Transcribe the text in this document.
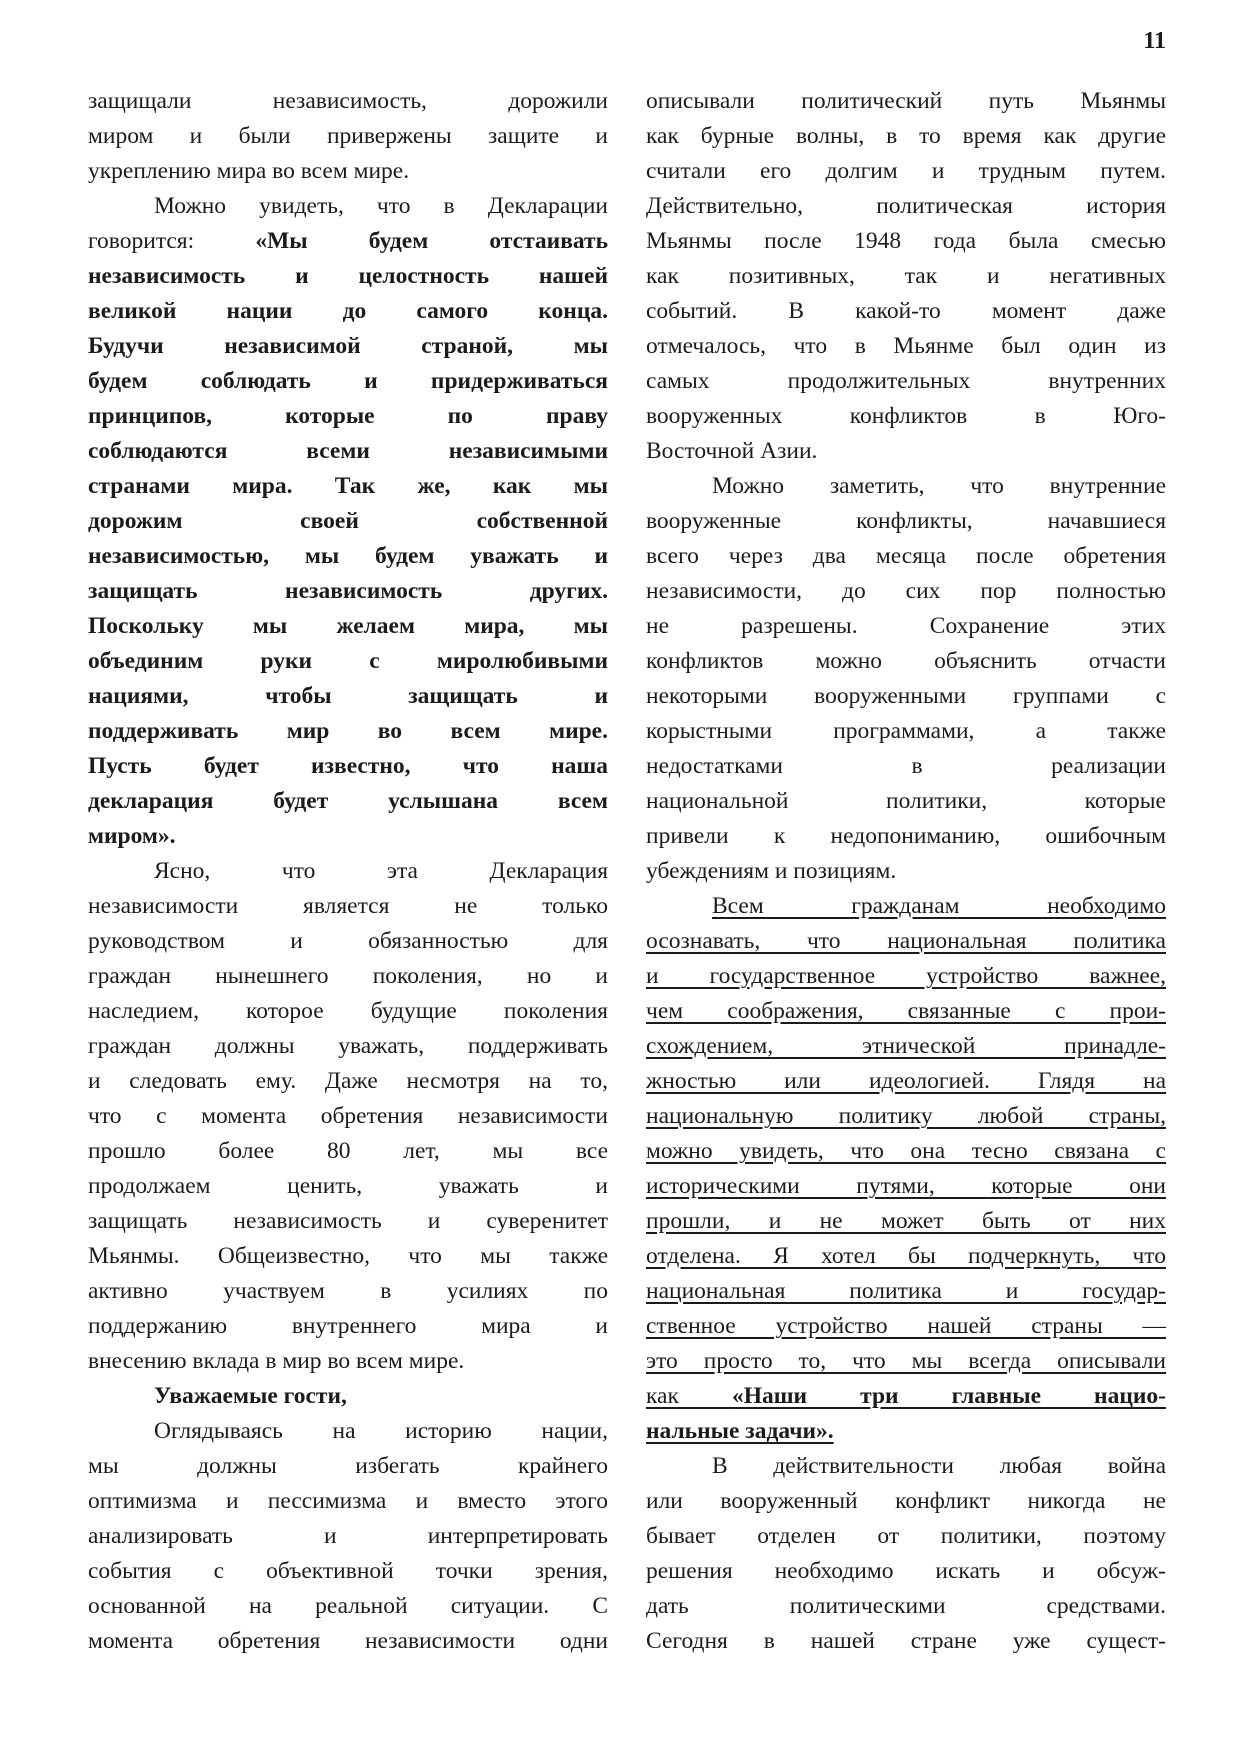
11
защищали независимость, дорожили
миром и были привержены защите и
укреплению мира во всем мире.
Можно увидеть, что в Декларации
говорится: «Мы будем отстаивать
независимость и целостность нашей
великой нации до самого конца.
Будучи независимой страной, мы
будем соблюдать и придерживаться
принципов, которые по праву
соблюдаются всеми независимыми
странами мира. Так же, как мы
дорожим своей собственной
независимостью, мы будем уважать и
защищать независимость других.
Поскольку мы желаем мира, мы
объединим руки с миролюбивыми
нациями, чтобы защищать и
поддерживать мир во всем мире.
Пусть будет известно, что наша
декларация будет услышана всем
миром».
Ясно, что эта Декларация
независимости является не только
руководством и обязанностью для
граждан нынешнего поколения, но и
наследием, которое будущие поколения
граждан должны уважать, поддерживать
и следовать ему. Даже несмотря на то,
что с момента обретения независимости
прошло более 80 лет, мы все
продолжаем ценить, уважать и
защищать независимость и суверенитет
Мьянмы. Общеизвестно, что мы также
активно участвуем в усилиях по
поддержанию внутреннего мира и
внесению вклада в мир во всем мире.
Уважаемые гости,
Оглядываясь на историю нации,
мы должны избегать крайнего
оптимизма и пессимизма и вместо этого
анализировать и интерпретировать
события с объективной точки зрения,
основанной на реальной ситуации. С
момента обретения независимости одни
описывали политический путь Мьянмы
как бурные волны, в то время как другие
считали его долгим и трудным путем.
Действительно, политическая история
Мьянмы после 1948 года была смесью
как позитивных, так и негативных
событий. В какой-то момент даже
отмечалось, что в Мьянме был один из
самых продолжительных внутренних
вооруженных конфликтов в Юго-
Восточной Азии.
Можно заметить, что внутренние
вооруженные конфликты, начавшиеся
всего через два месяца после обретения
независимости, до сих пор полностью
не разрешены. Сохранение этих
конфликтов можно объяснить отчасти
некоторыми вооруженными группами с
корыстными программами, а также
недостатками в реализации
национальной политики, которые
привели к недопониманию, ошибочным
убеждениям и позициям.
Всем гражданам необходимо
осознавать, что национальная политика
и государственное устройство важнее,
чем соображения, связанные с прои-
схождением, этнической принадле-
жностью или идеологией. Глядя на
национальную политику любой страны,
можно увидеть, что она тесно связана с
историческими путями, которые они
прошли, и не может быть от них
отделена. Я хотел бы подчеркнуть, что
национальная политика и государ-
ственное устройство нашей страны —
это просто то, что мы всегда описывали
как «Наши три главные нацио-
нальные задачи».
В действительности любая война
или вооруженный конфликт никогда не
бывает отделен от политики, поэтому
решения необходимо искать и обсуж-
дать политическими средствами.
Сегодня в нашей стране уже сущест-
